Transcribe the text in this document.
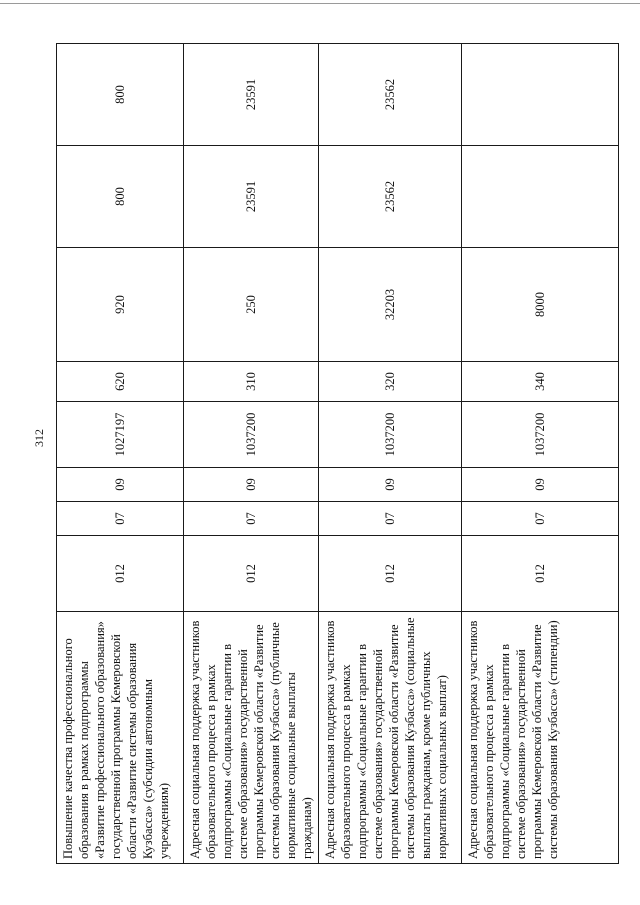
312
Повышение качества профессионального образования в рамках подпрограммы «Развитие профессионального образования» государственной программы Кемеровской области «Развитие системы образования Кузбасса» (субсидии автономным учреждениям)	012	07	09	1027197	620	920	800	800
Адресная социальная поддержка участников образовательного процесса в рамках подпрограммы «Социальные гарантии в системе образования» государственной программы Кемеровской области «Развитие системы образования Кузбасса» (публичные нормативные социальные выплаты гражданам)	012	07	09	1037200	310	250	23591	23591
Адресная социальная поддержка участников образовательного процесса в рамках подпрограммы «Социальные гарантии в системе образования» государственной программы Кемеровской области «Развитие системы образования Кузбасса» (социальные выплаты гражданам, кроме публичных нормативных социальных выплат)	012	07	09	1037200	320	32203	23562	23562
Адресная социальная поддержка участников образовательного процесса в рамках подпрограммы «Социальные гарантии в системе образования» государственной программы Кемеровской области «Развитие системы образования Кузбасса» (стипендии)	012	07	09	1037200	340	8000		
